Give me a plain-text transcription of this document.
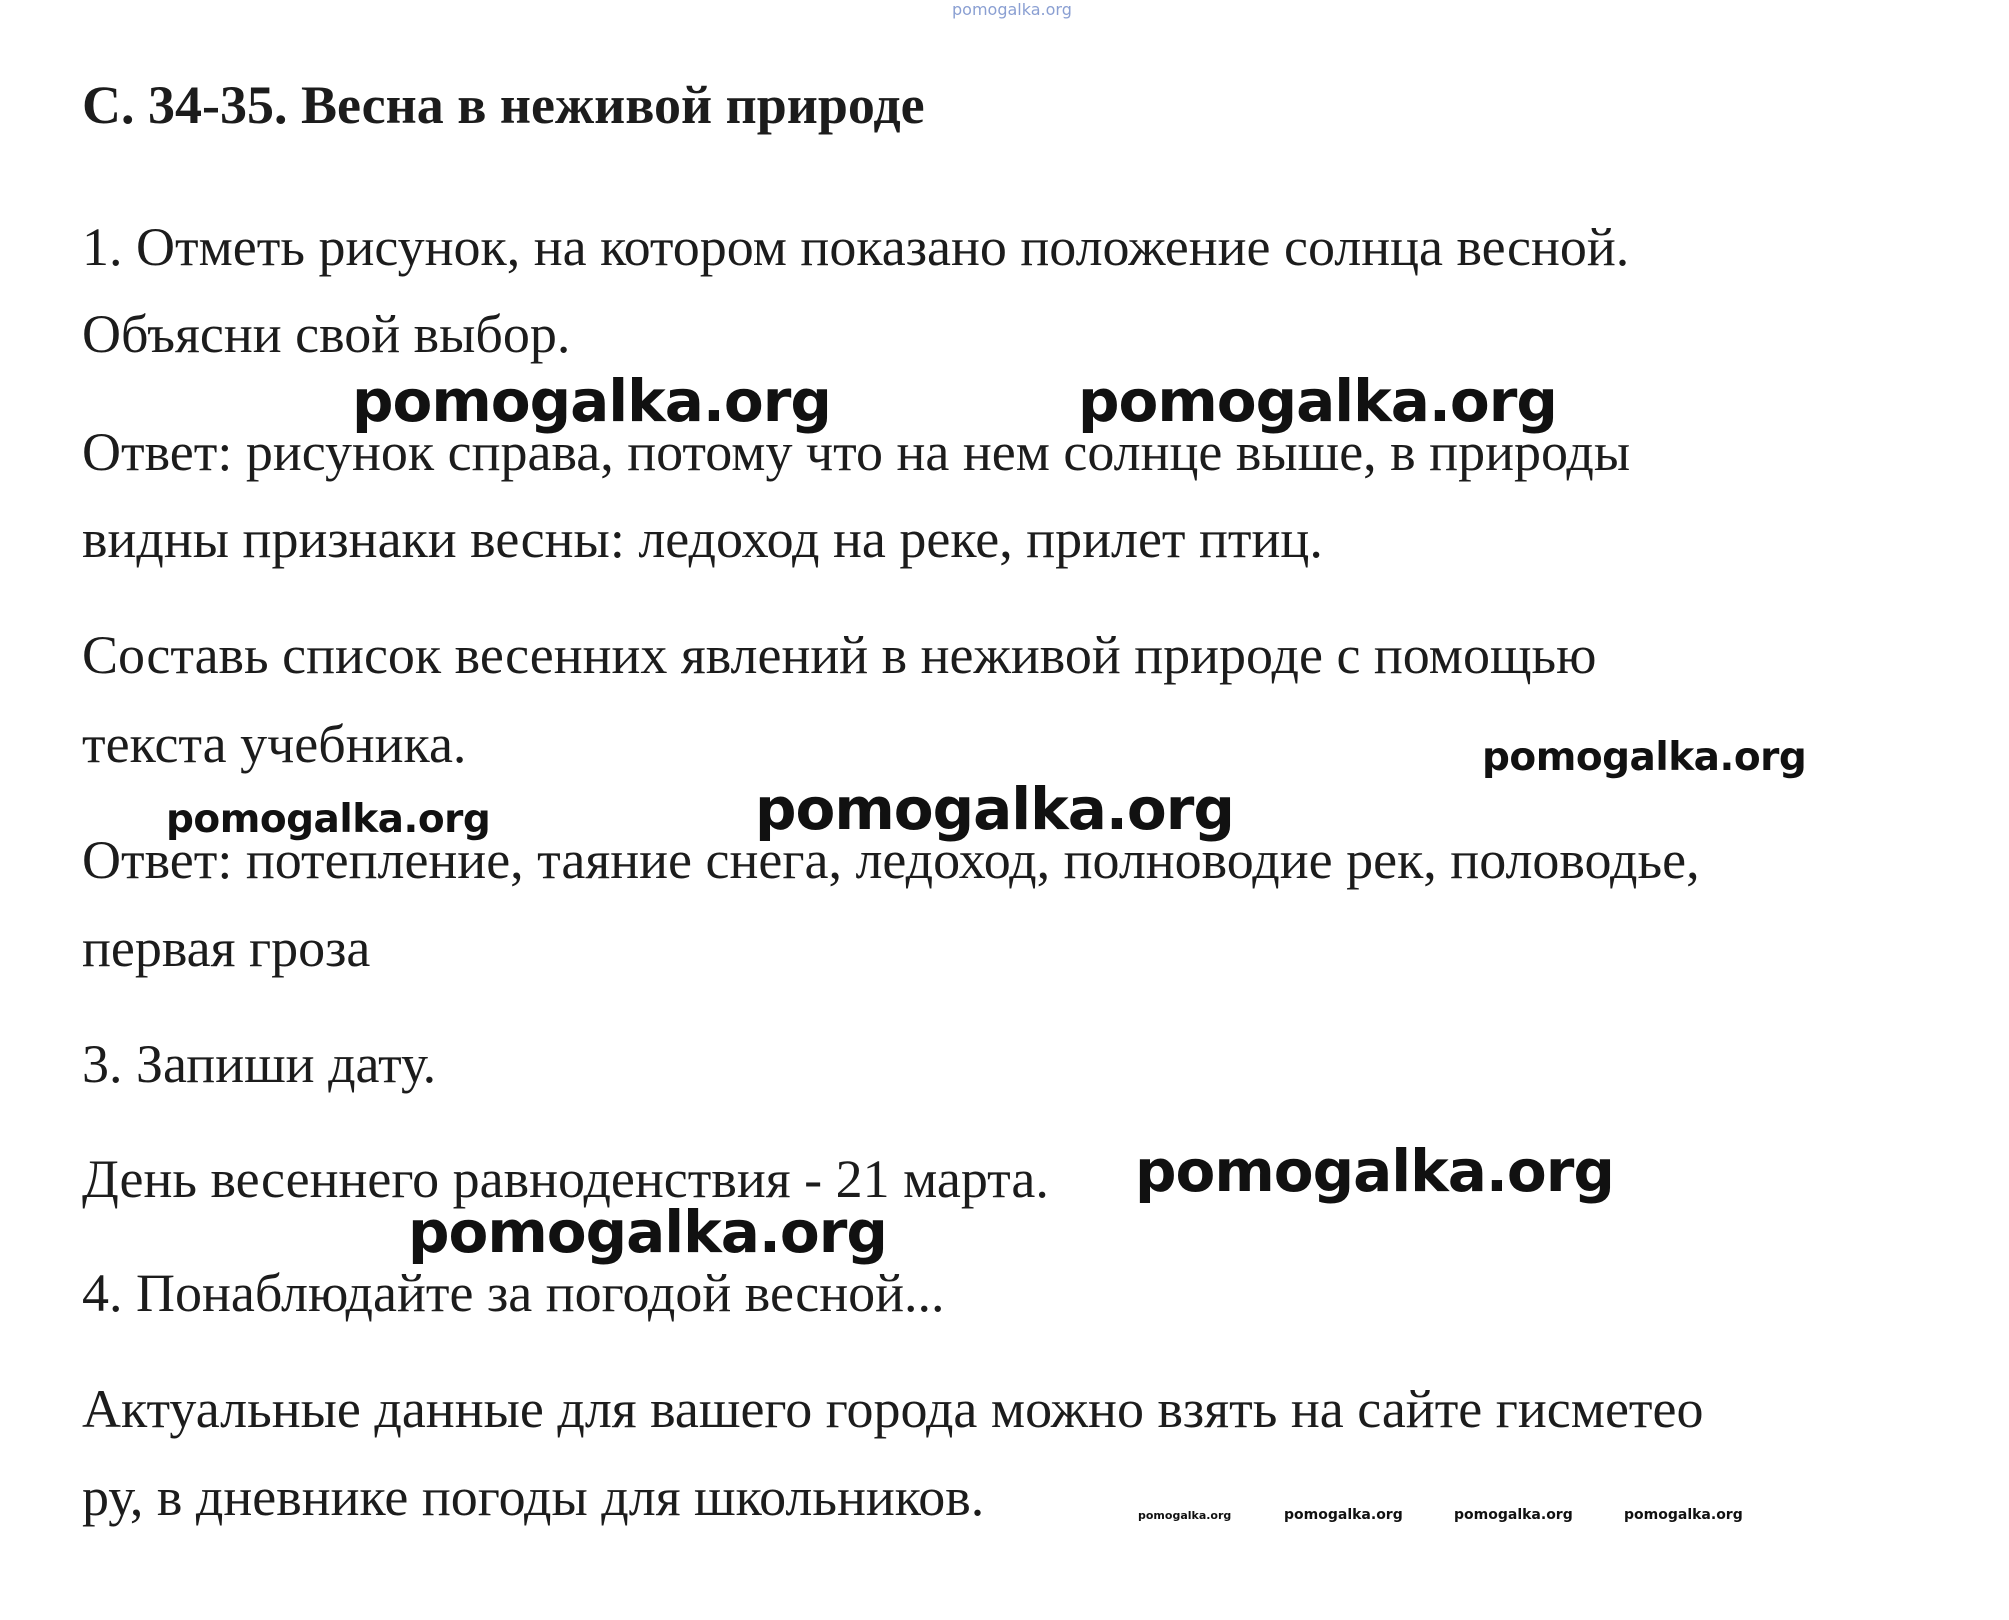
pomogalka.org
С. 34-35. Весна в неживой природе

1. Отметь рисунок, на котором показано положение солнца весной.

Объясни свой выбор.

Ответ: рисунок справа, потому что на нем солнце выше, в природы

видны признаки весны: ледоход на реке, прилет птиц.

Составь список весенних явлений в неживой природе с помощью

текста учебника.

Ответ: потепление, таяние снега, ледоход, полноводие рек, половодье,

первая гроза

3. Запиши дату.

День весеннего равноденствия - 21 марта.

4. Понаблюдайте за погодой весной...

Актуальные данные для вашего города можно взять на сайте гисметео

ру, в дневнике погоды для школьников.

pomogalka.org	pomogalka.org
pomogalka.org
pomogalka.org	pomogalka.org
pomogalka.org
pomogalka.org
pomogalka.org	pomogalka.org	pomogalka.org	pomogalka.org
